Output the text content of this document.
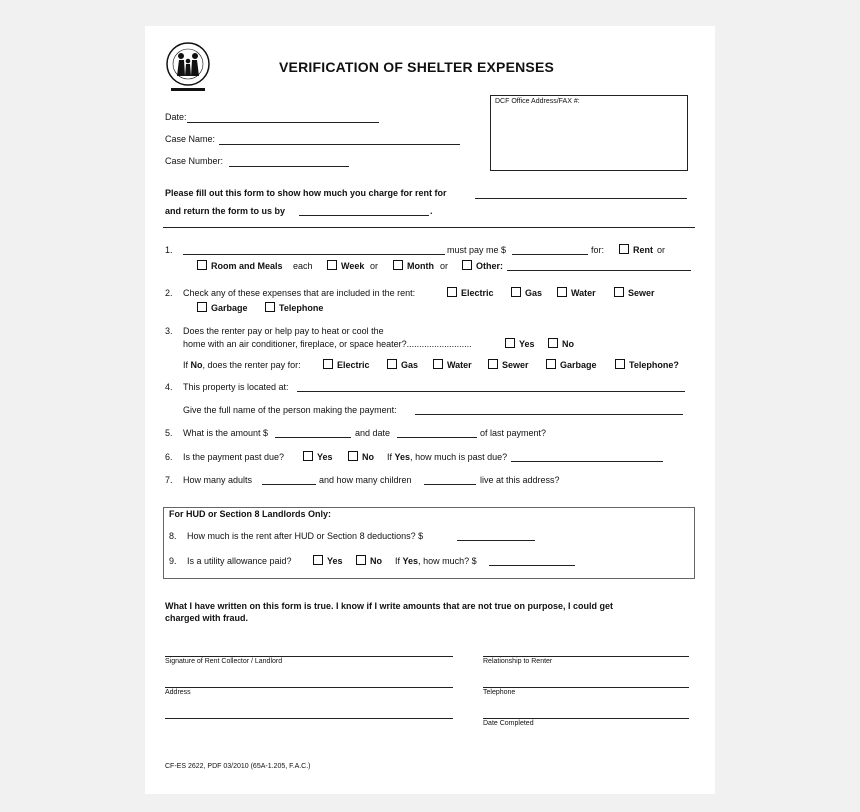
VERIFICATION OF SHELTER EXPENSES
DCF Office Address/FAX #:
Date:
Case Name:
Case Number:
Please fill out this form to show how much you charge for rent for
and return the form to us by	.
1.	must pay me $	for:	Rent or
Room and Meals each	Week or	Month or	Other:
2. Check any of these expenses that are included in the rent:	Electric	Gas	Water	Sewer
Garbage	Telephone
3. Does the renter pay or help pay to heat or cool the
home with an air conditioner, fireplace, or space heater?..........................	Yes	No
If No, does the renter pay for:	Electric	Gas	Water	Sewer	Garbage	Telephone?
4. This property is located at:
Give the full name of the person making the payment:
5. What is the amount $	and date	of last payment?
6. Is the payment past due?	Yes	No If Yes, how much is past due?
7. How many adults	and how many children	live at this address?
For HUD or Section 8 Landlords Only:
8. How much is the rent after HUD or Section 8 deductions? $
9. Is a utility allowance paid?	Yes	No If Yes, how much? $
What I have written on this form is true. I know if I write amounts that are not true on purpose, I could get
charged with fraud.
Signature of Rent Collector / Landlord	Relationship to Renter
Address	Telephone
Date Completed
CF-ES 2622, PDF 03/2010 (65A-1.205, F.A.C.)
